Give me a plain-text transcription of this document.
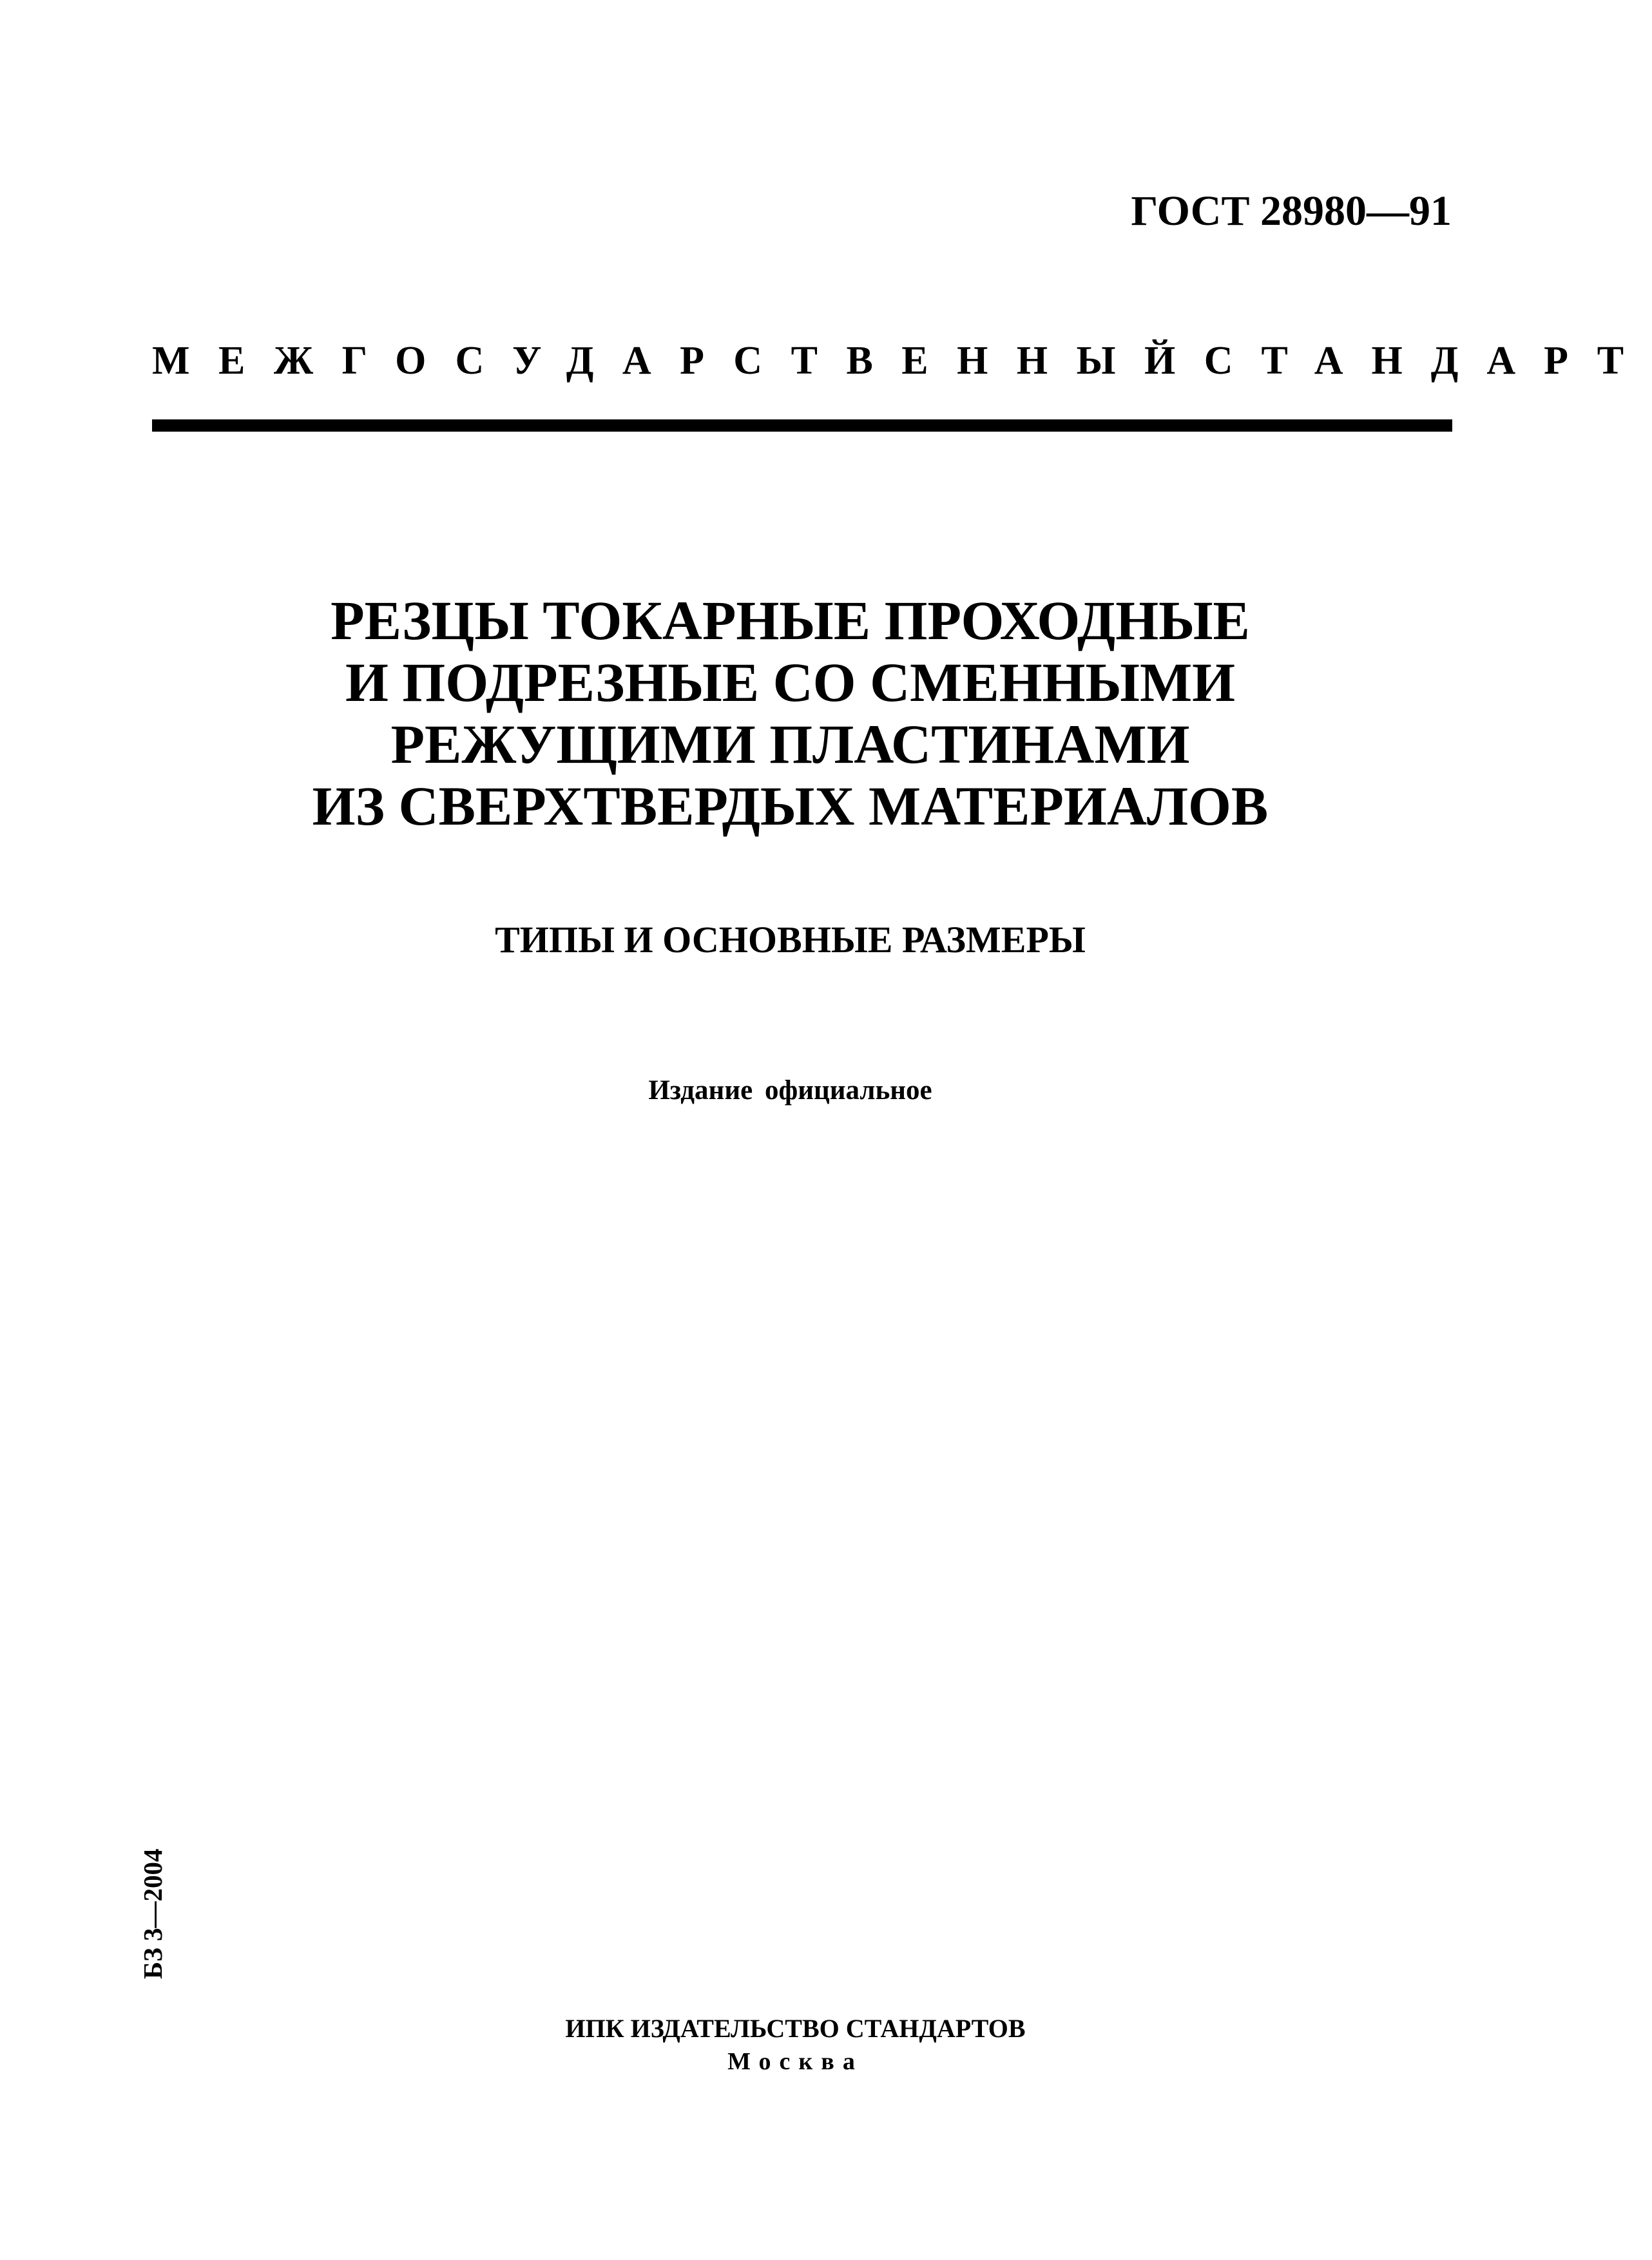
ГОСТ 28980—91
МЕЖГОСУДАРСТВЕННЫЙ СТАНДАРТ
РЕЗЦЫ ТОКАРНЫЕ ПРОХОДНЫЕ
И ПОДРЕЗНЫЕ СО СМЕННЫМИ
РЕЖУЩИМИ ПЛАСТИНАМИ
ИЗ СВЕРХТВЕРДЫХ МАТЕРИАЛОВ
ТИПЫ И ОСНОВНЫЕ РАЗМЕРЫ
Издание официальное
БЗ 3—2004
ИПК ИЗДАТЕЛЬСТВО СТАНДАРТОВ
Москва
